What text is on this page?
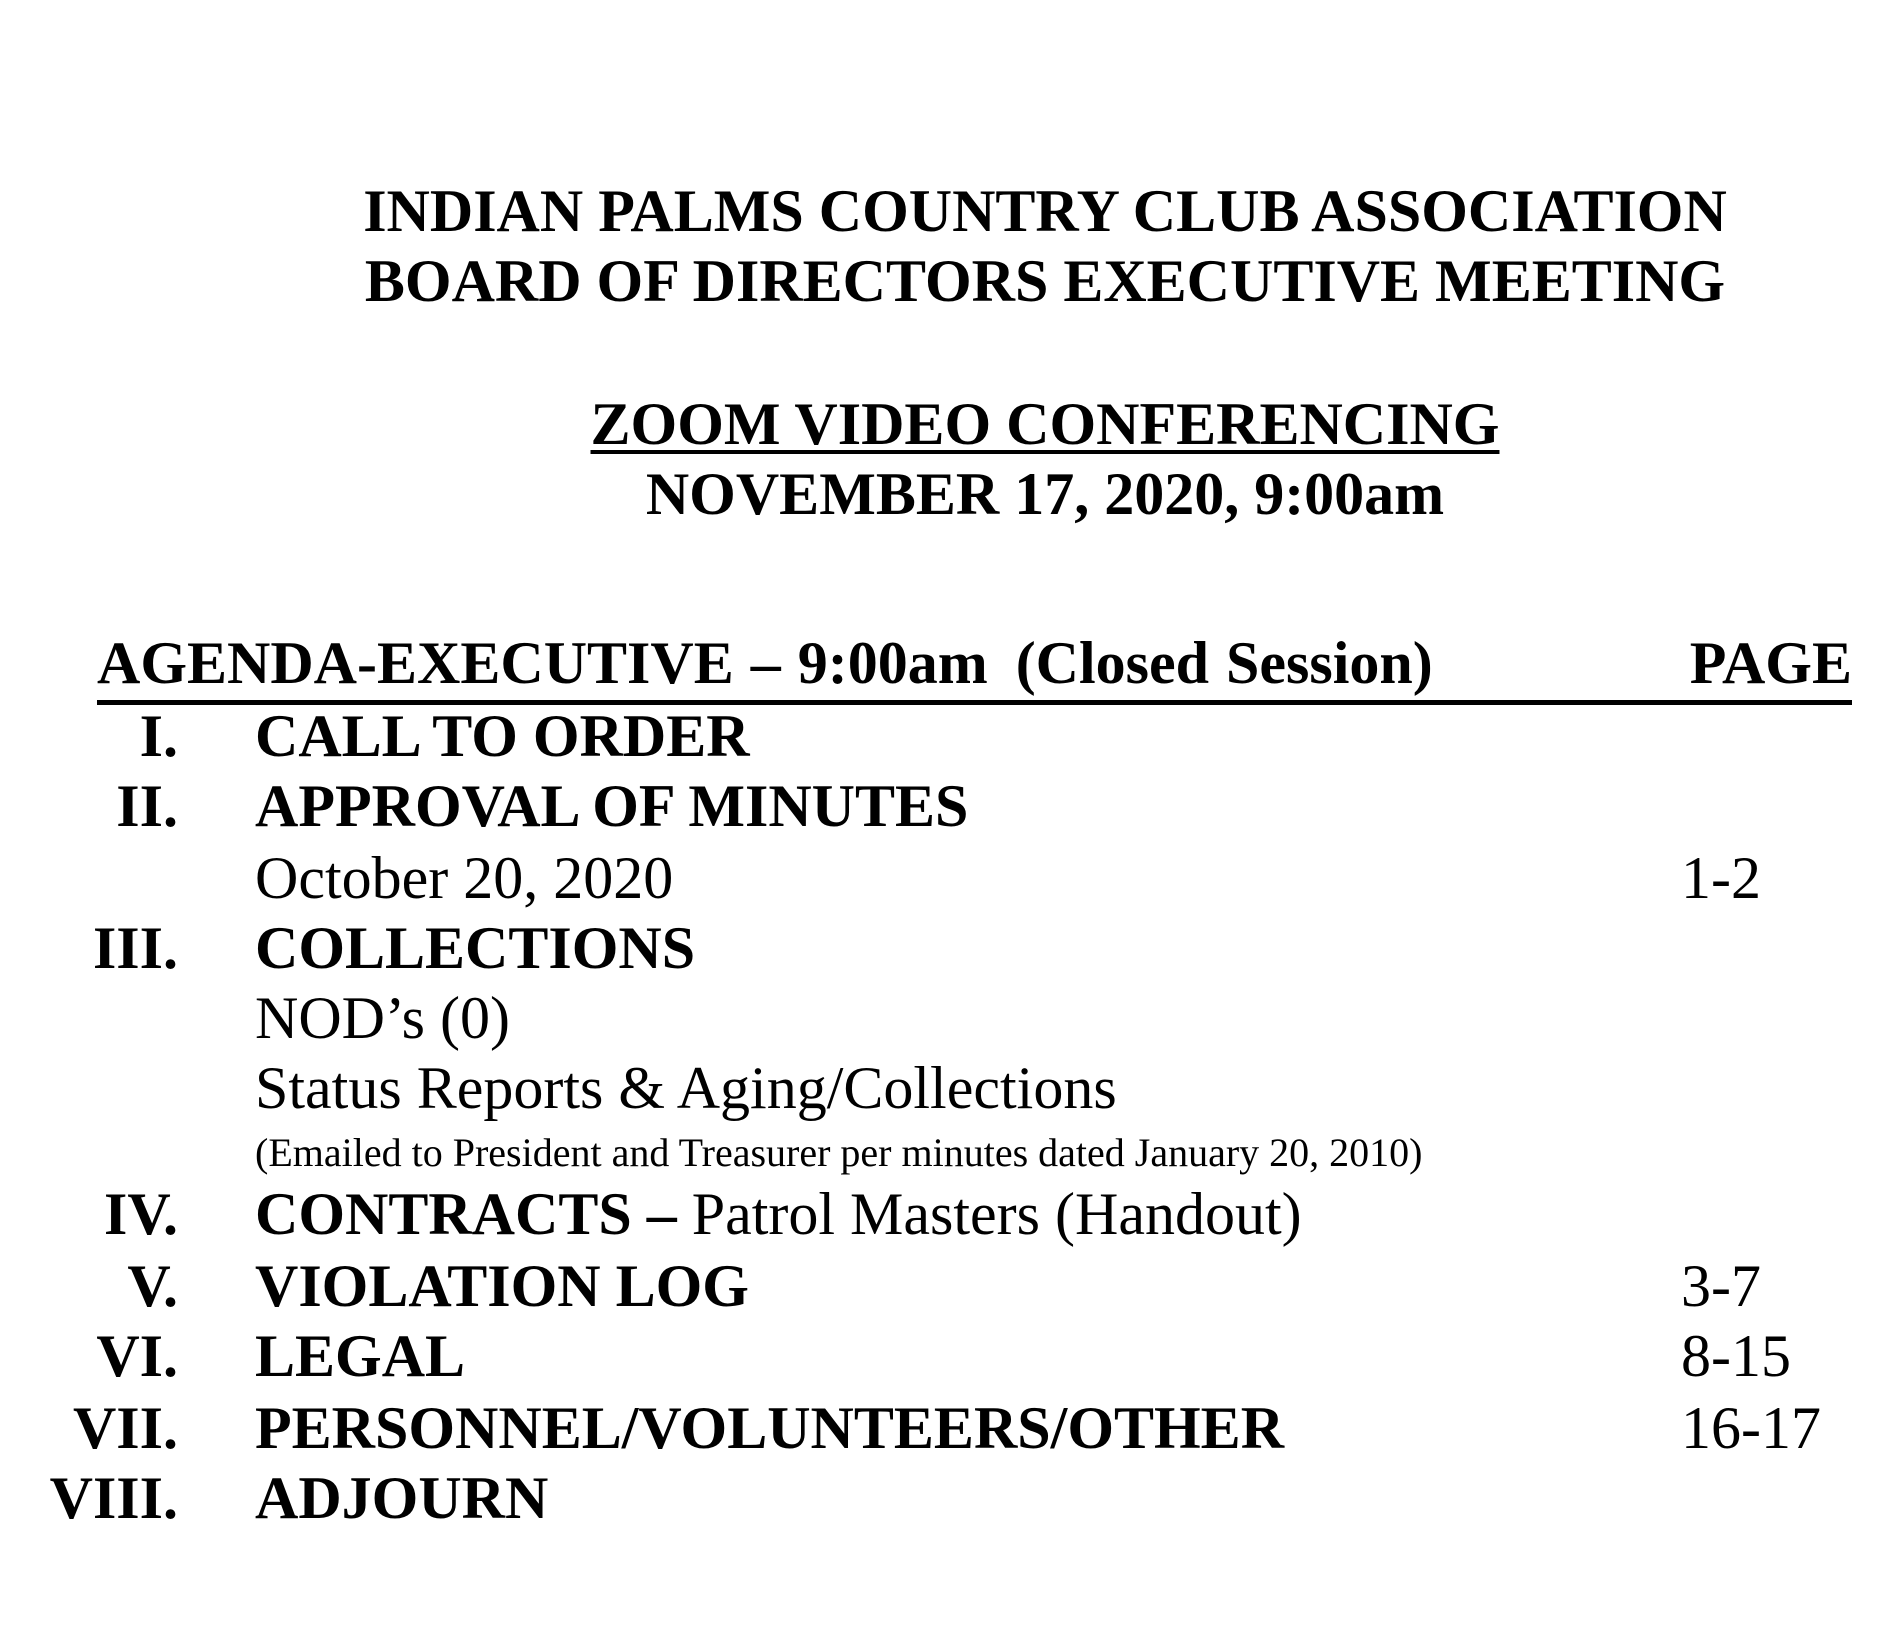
INDIAN PALMS COUNTRY CLUB ASSOCIATION
BOARD OF DIRECTORS EXECUTIVE MEETING
ZOOM VIDEO CONFERENCING
NOVEMBER 17, 2020, 9:00am
AGENDA-EXECUTIVE – 9:00am (Closed Session)	PAGE
I. CALL TO ORDER
II. APPROVAL OF MINUTES
October 20, 2020	1-2
III. COLLECTIONS
NOD’s (0)
Status Reports & Aging/Collections
(Emailed to President and Treasurer per minutes dated January 20, 2010)
IV. CONTRACTS – Patrol Masters (Handout)
V. VIOLATION LOG	3-7
VI. LEGAL	8-15
VII. PERSONNEL/VOLUNTEERS/OTHER	16-17
VIII. ADJOURN
